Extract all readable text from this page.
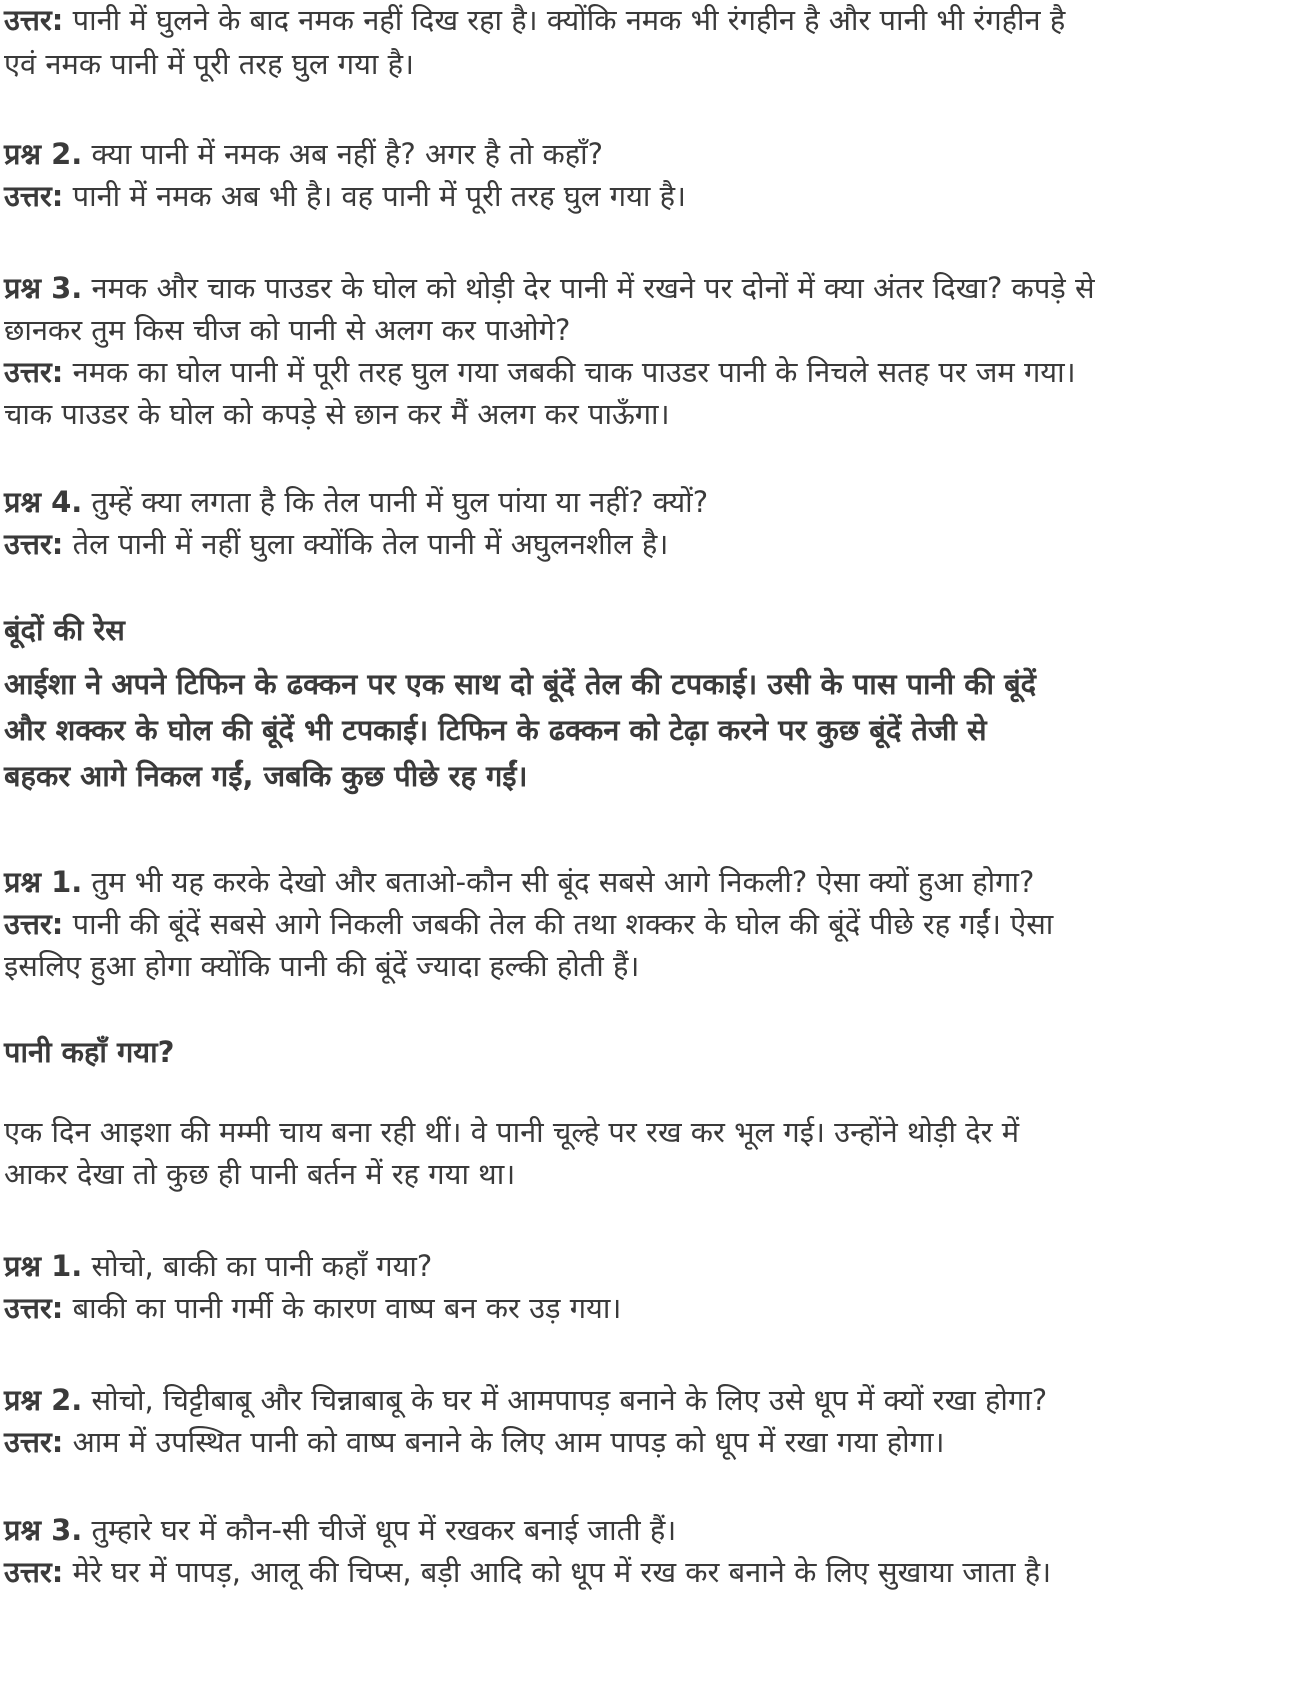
उत्तर: पानी में घुलने के बाद नमक नहीं दिख रहा है। क्योंकि नमक भी रंगहीन है और पानी भी रंगहीन है
एवं नमक पानी में पूरी तरह घुल गया है।
प्रश्न 2. क्या पानी में नमक अब नहीं है? अगर है तो कहाँ?
उत्तर: पानी में नमक अब भी है। वह पानी में पूरी तरह घुल गया है।
प्रश्न 3. नमक और चाक पाउडर के घोल को थोड़ी देर पानी में रखने पर दोनों में क्या अंतर दिखा? कपड़े से
छानकर तुम किस चीज को पानी से अलग कर पाओगे?
उत्तर: नमक का घोल पानी में पूरी तरह घुल गया जबकी चाक पाउडर पानी के निचले सतह पर जम गया।
चाक पाउडर के घोल को कपड़े से छान कर मैं अलग कर पाऊँगा।
प्रश्न 4. तुम्हें क्या लगता है कि तेल पानी में घुल पांया या नहीं? क्यों?
उत्तर: तेल पानी में नहीं घुला क्योंकि तेल पानी में अघुलनशील है।
बूंदों की रेस
आईशा ने अपने टिफिन के ढक्कन पर एक साथ दो बूंदें तेल की टपकाई। उसी के पास पानी की बूंदें
और शक्कर के घोल की बूंदें भी टपकाई। टिफिन के ढक्कन को टेढ़ा करने पर कुछ बूंदें तेजी से
बहकर आगे निकल गईं, जबकि कुछ पीछे रह गईं।
प्रश्न 1. तुम भी यह करके देखो और बताओ-कौन सी बूंद सबसे आगे निकली? ऐसा क्यों हुआ होगा?
उत्तर: पानी की बूंदें सबसे आगे निकली जबकी तेल की तथा शक्कर के घोल की बूंदें पीछे रह गईं। ऐसा
इसलिए हुआ होगा क्योंकि पानी की बूंदें ज्यादा हल्की होती हैं।
पानी कहाँ गया?
एक दिन आइशा की मम्मी चाय बना रही थीं। वे पानी चूल्हे पर रख कर भूल गई। उन्होंने थोड़ी देर में
आकर देखा तो कुछ ही पानी बर्तन में रह गया था।
प्रश्न 1. सोचो, बाकी का पानी कहाँ गया?
उत्तर: बाकी का पानी गर्मी के कारण वाष्प बन कर उड़ गया।
प्रश्न 2. सोचो, चिट्टीबाबू और चिन्नाबाबू के घर में आमपापड़ बनाने के लिए उसे धूप में क्यों रखा होगा?
उत्तर: आम में उपस्थित पानी को वाष्प बनाने के लिए आम पापड़ को धूप में रखा गया होगा।
प्रश्न 3. तुम्हारे घर में कौन-सी चीजें धूप में रखकर बनाई जाती हैं।
उत्तर: मेरे घर में पापड़, आलू की चिप्स, बड़ी आदि को धूप में रख कर बनाने के लिए सुखाया जाता है।
